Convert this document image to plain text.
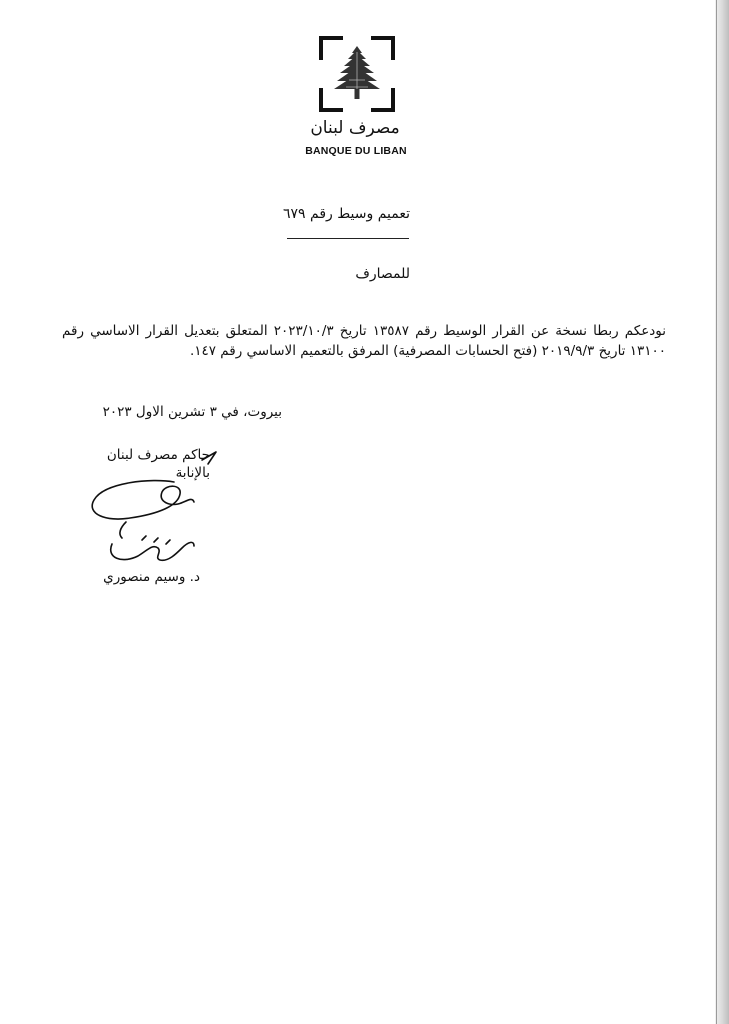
مصرف لبنان
BANQUE DU LIBAN
تعميم وسيط رقم ٦٧٩
للمصارف
نودعكم ربطا نسخة عن القرار الوسيط رقم ١٣٥٨٧ تاريخ ٢٠٢٣/١٠/٣ المتعلق بتعديل القرار الاساسي رقم ١٣١٠٠ تاريخ ٢٠١٩/٩/٣ (فتح الحسابات المصرفية) المرفق بالتعميم الاساسي رقم ١٤٧.
بيروت، في ٣ تشرين الاول ٢٠٢٣
حاكم مصرف لبنان
بالإنابة
د. وسيم منصوري
